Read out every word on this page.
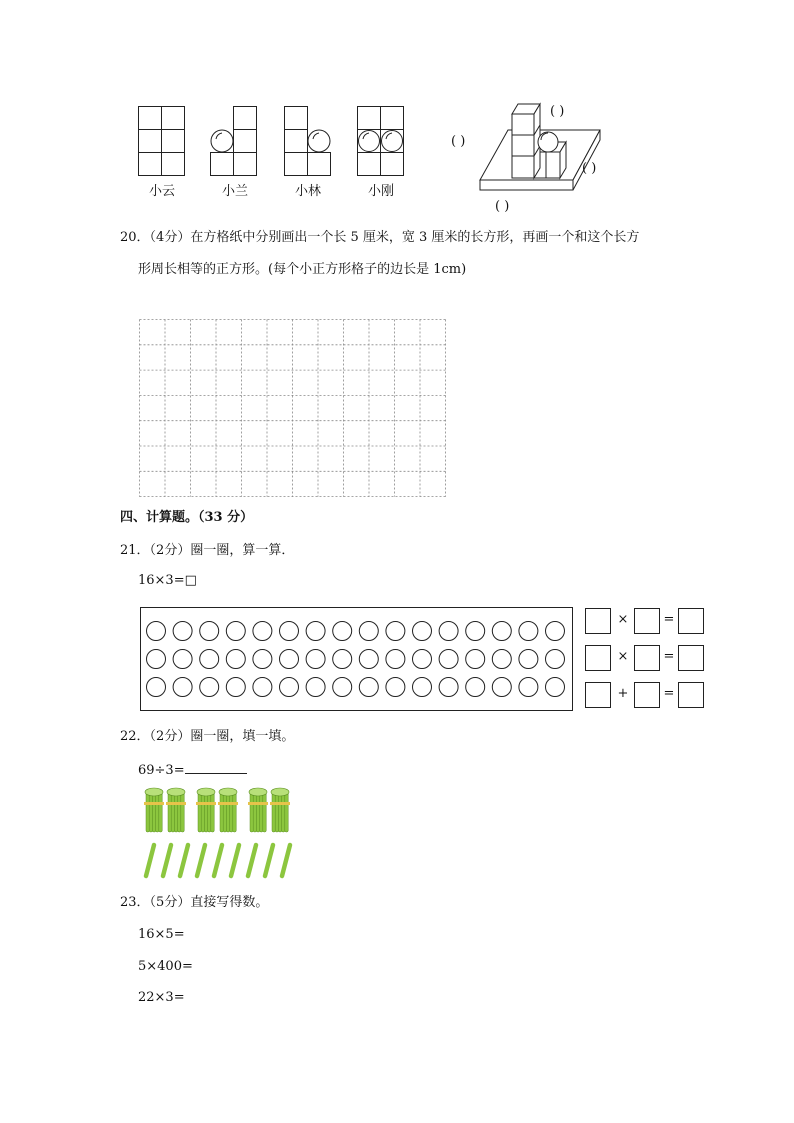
小云	小兰	小林	小刚
( )
( )
( )
( )
20．（4分）在方格纸中分别画出一个长 5 厘米，宽 3 厘米的长方形，再画一个和这个长方
形周长相等的正方形。(每个小正方形格子的边长是 1cm)
四、计算题。（33 分）
21．（2分）圈一圈，算一算．
16×3=□
×	=
×	=
+	=
22．（2分）圈一圈，填一填。
69÷3=
23．（5分）直接写得数。
16×5=
5×400=
22×3=
